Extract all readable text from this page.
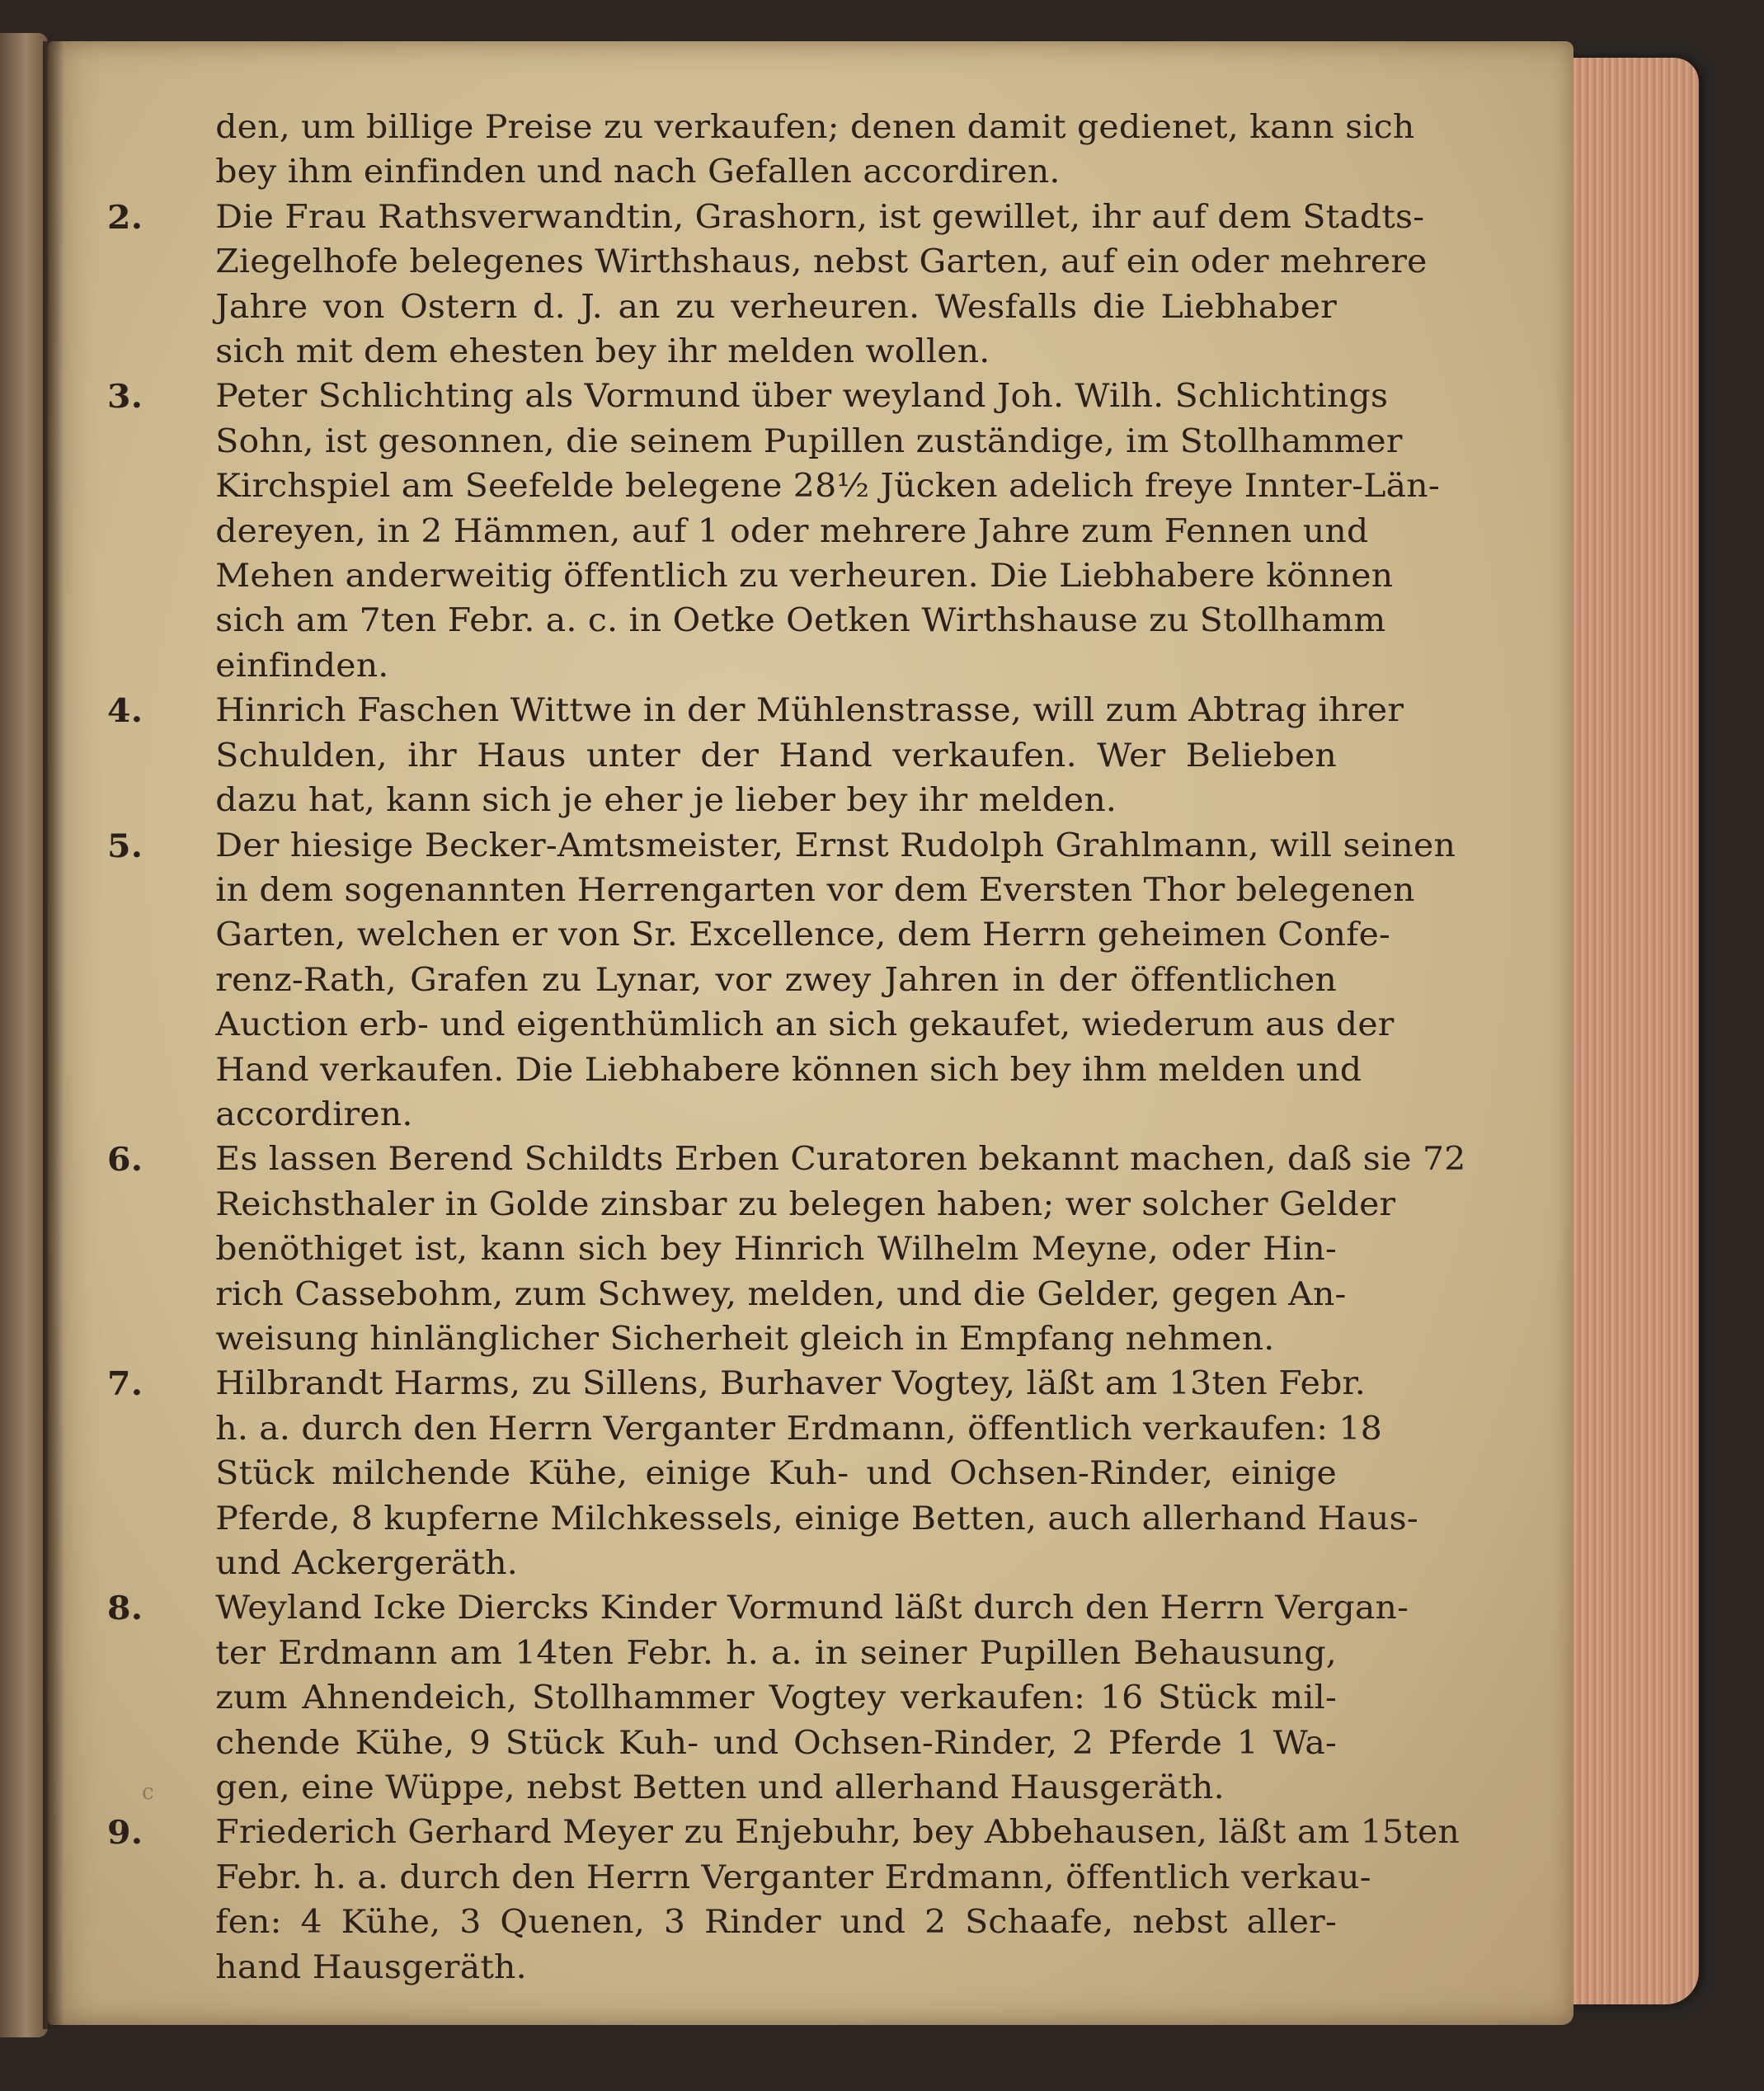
den, um billige Preise zu verkaufen; denen damit gedienet, kann sich
bey ihm einfinden und nach Gefallen accordiren.
2.	Die Frau Rathsverwandtin, Grashorn, ist gewillet, ihr auf dem Stadts-
Ziegelhofe belegenes Wirthshaus, nebst Garten, auf ein oder mehrere
Jahre von Ostern d. J. an zu verheuren. Wesfalls die Liebhaber
sich mit dem ehesten bey ihr melden wollen.
3.	Peter Schlichting als Vormund über weyland Joh. Wilh. Schlichtings
Sohn, ist gesonnen, die seinem Pupillen zuständige, im Stollhammer
Kirchspiel am Seefelde belegene 28½ Jücken adelich freye Innter-Län-
dereyen, in 2 Hämmen, auf 1 oder mehrere Jahre zum Fennen und
Mehen anderweitig öffentlich zu verheuren. Die Liebhabere können
sich am 7ten Febr. a. c. in Oetke Oetken Wirthshause zu Stollhamm
einfinden.
4.	Hinrich Faschen Wittwe in der Mühlenstrasse, will zum Abtrag ihrer
Schulden, ihr Haus unter der Hand verkaufen. Wer Belieben
dazu hat, kann sich je eher je lieber bey ihr melden.
5.	Der hiesige Becker-Amtsmeister, Ernst Rudolph Grahlmann, will seinen
in dem sogenannten Herrengarten vor dem Eversten Thor belegenen
Garten, welchen er von Sr. Excellence, dem Herrn geheimen Confe-
renz-Rath, Grafen zu Lynar, vor zwey Jahren in der öffentlichen
Auction erb- und eigenthümlich an sich gekaufet, wiederum aus der
Hand verkaufen. Die Liebhabere können sich bey ihm melden und
accordiren.
6.	Es lassen Berend Schildts Erben Curatoren bekannt machen, daß sie 72
Reichsthaler in Golde zinsbar zu belegen haben; wer solcher Gelder
benöthiget ist, kann sich bey Hinrich Wilhelm Meyne, oder Hin-
rich Cassebohm, zum Schwey, melden, und die Gelder, gegen An-
weisung hinlänglicher Sicherheit gleich in Empfang nehmen.
7.	Hilbrandt Harms, zu Sillens, Burhaver Vogtey, läßt am 13ten Febr.
h. a. durch den Herrn Verganter Erdmann, öffentlich verkaufen: 18
Stück milchende Kühe, einige Kuh- und Ochsen-Rinder, einige
Pferde, 8 kupferne Milchkessels, einige Betten, auch allerhand Haus-
und Ackergeräth.
8.	Weyland Icke Diercks Kinder Vormund läßt durch den Herrn Vergan-
ter Erdmann am 14ten Febr. h. a. in seiner Pupillen Behausung,
zum Ahnendeich, Stollhammer Vogtey verkaufen: 16 Stück mil-
chende Kühe, 9 Stück Kuh- und Ochsen-Rinder, 2 Pferde 1 Wa-
gen, eine Wüppe, nebst Betten und allerhand Hausgeräth.
9.	Friederich Gerhard Meyer zu Enjebuhr, bey Abbehausen, läßt am 15ten
Febr. h. a. durch den Herrn Verganter Erdmann, öffentlich verkau-
fen: 4 Kühe, 3 Quenen, 3 Rinder und 2 Schaafe, nebst aller-
hand Hausgeräth.
c
